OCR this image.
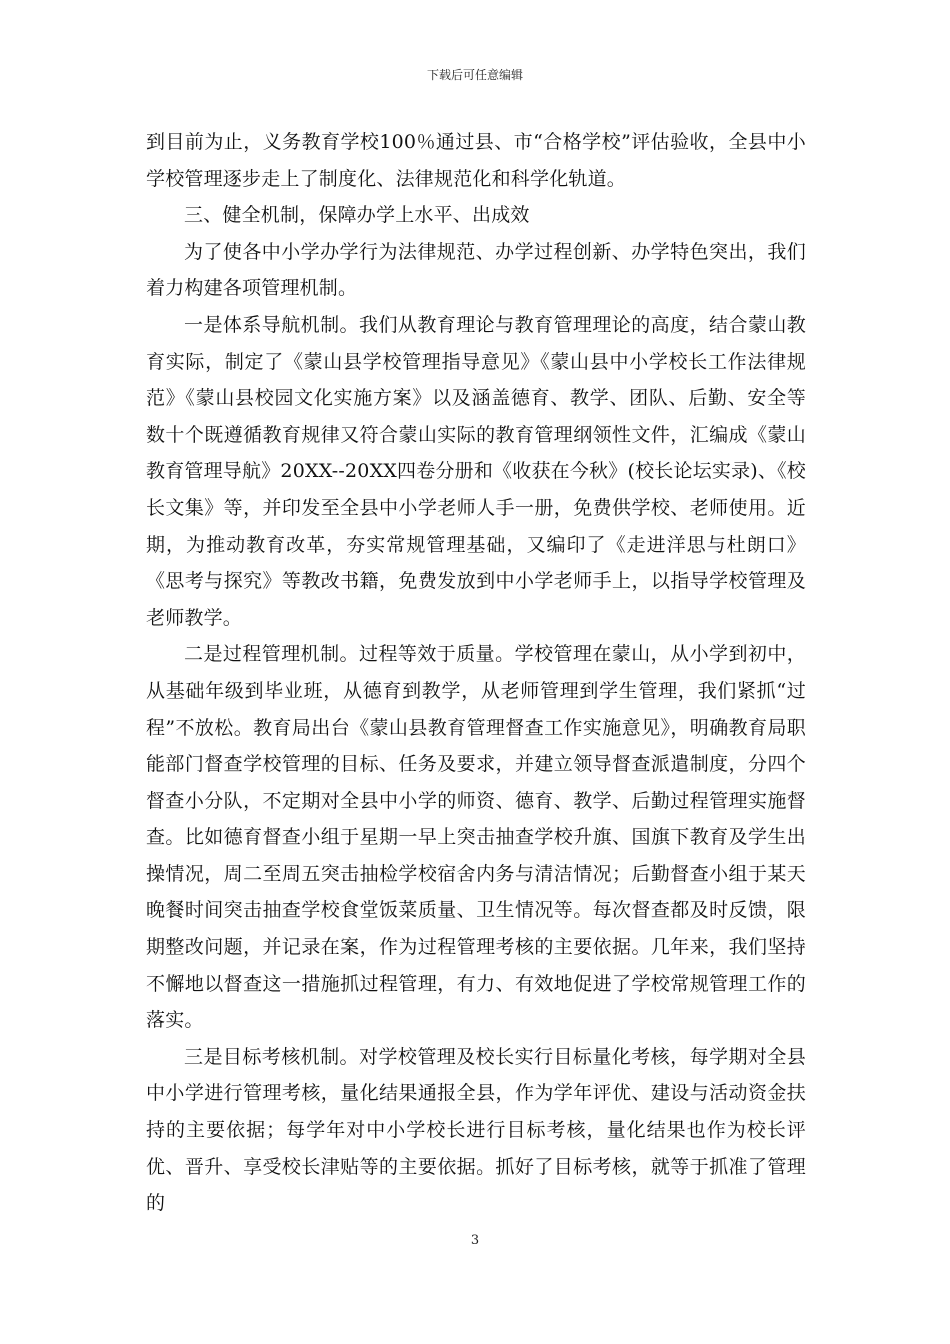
下载后可任意编辑

到目前为止，义务教育学校100％通过县、市“合格学校”评估验收，全县中小学校管理逐步走上了制度化、法律规范化和科学化轨道。

三、健全机制，保障办学上水平、出成效

为了使各中小学办学行为法律规范、办学过程创新、办学特色突出，我们着力构建各项管理机制。

一是体系导航机制。我们从教育理论与教育管理理论的高度，结合蒙山教育实际，制定了《蒙山县学校管理指导意见》《蒙山县中小学校长工作法律规范》《蒙山县校园文化实施方案》以及涵盖德育、教学、团队、后勤、安全等数十个既遵循教育规律又符合蒙山实际的教育管理纲领性文件，汇编成《蒙山教育管理导航》20XX--20XX四卷分册和《收获在今秋》(校长论坛实录)、《校长文集》等，并印发至全县中小学老师人手一册，免费供学校、老师使用。近期，为推动教育改革，夯实常规管理基础，又编印了《走进洋思与杜朗口》《思考与探究》等教改书籍，免费发放到中小学老师手上，以指导学校管理及老师教学。

二是过程管理机制。过程等效于质量。学校管理在蒙山，从小学到初中，从基础年级到毕业班，从德育到教学，从老师管理到学生管理，我们紧抓“过程”不放松。教育局出台《蒙山县教育管理督查工作实施意见》，明确教育局职能部门督查学校管理的目标、任务及要求，并建立领导督查派遣制度，分四个督查小分队，不定期对全县中小学的师资、德育、教学、后勤过程管理实施督查。比如德育督查小组于星期一早上突击抽查学校升旗、国旗下教育及学生出操情况，周二至周五突击抽检学校宿舍内务与清洁情况；后勤督查小组于某天晚餐时间突击抽查学校食堂饭菜质量、卫生情况等。每次督查都及时反馈，限期整改问题，并记录在案，作为过程管理考核的主要依据。几年来，我们坚持不懈地以督查这一措施抓过程管理，有力、有效地促进了学校常规管理工作的落实。

三是目标考核机制。对学校管理及校长实行目标量化考核，每学期对全县中小学进行管理考核，量化结果通报全县，作为学年评优、建设与活动资金扶持的主要依据；每学年对中小学校长进行目标考核，量化结果也作为校长评优、晋升、享受校长津贴等的主要依据。抓好了目标考核，就等于抓准了管理的

3
